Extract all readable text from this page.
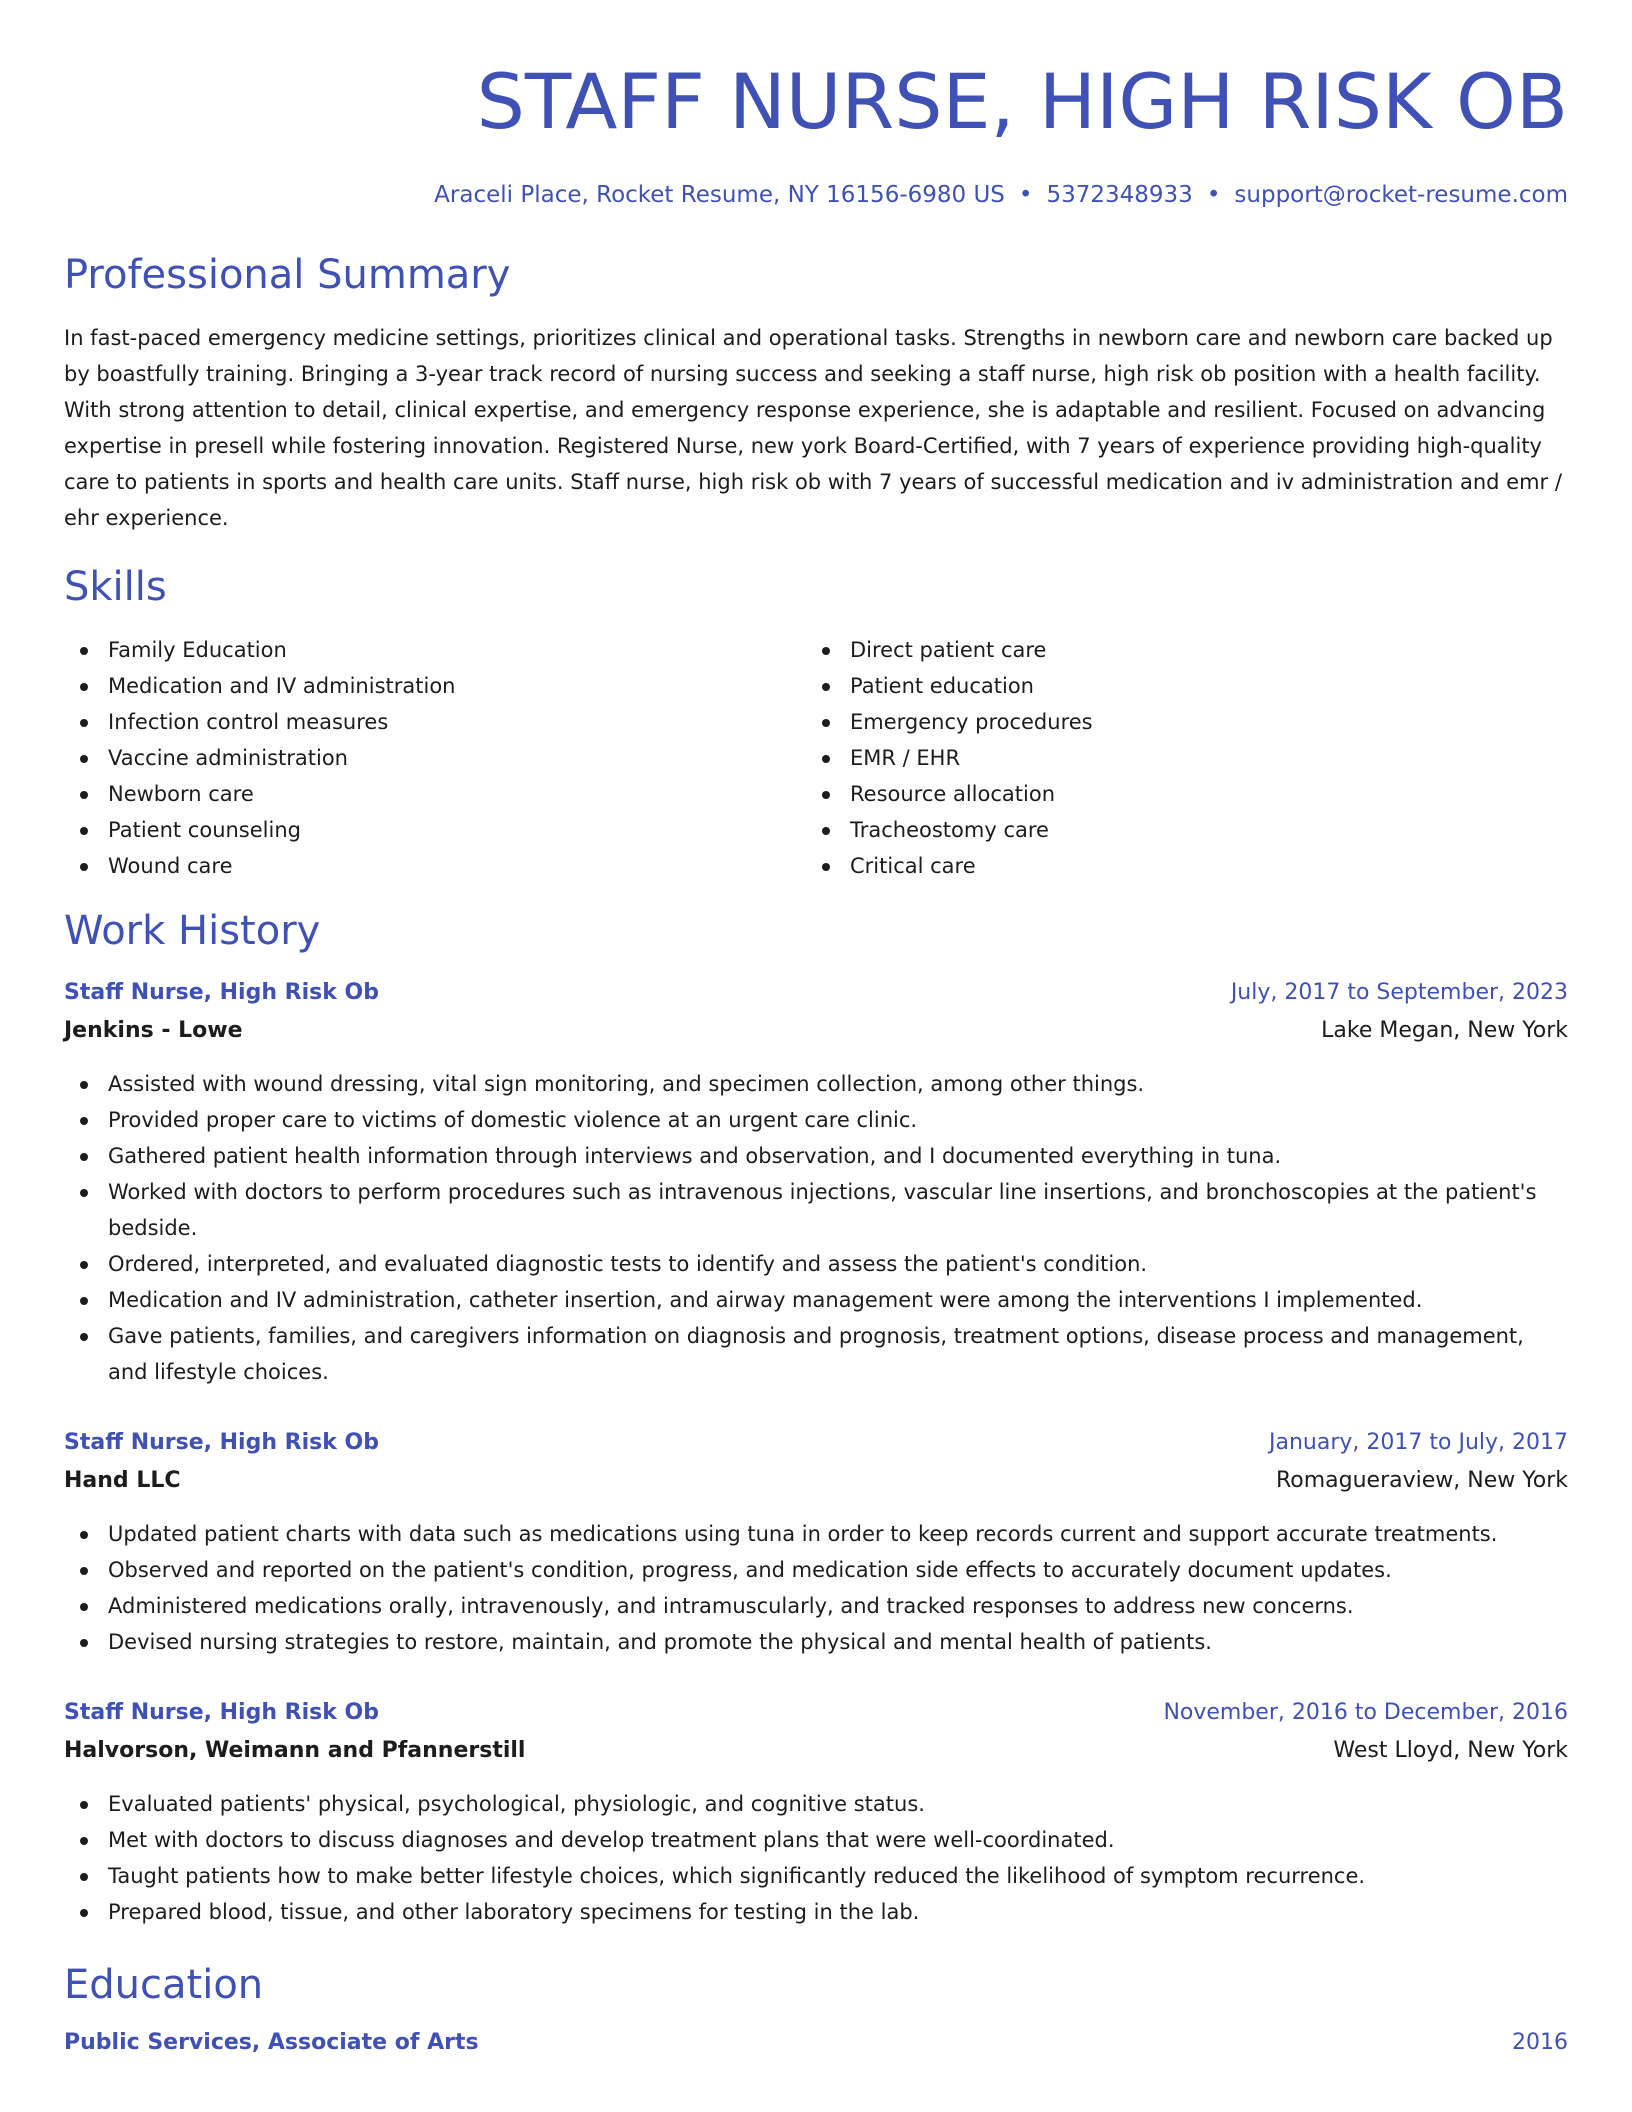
STAFF NURSE, HIGH RISK OB
Araceli Place, Rocket Resume, NY 16156-6980 US • 5372348933 • support@rocket-resume.com
Professional Summary
In fast-paced emergency medicine settings, prioritizes clinical and operational tasks. Strengths in newborn care and newborn care backed up by boastfully training. Bringing a 3-year track record of nursing success and seeking a staff nurse, high risk ob position with a health facility. With strong attention to detail, clinical expertise, and emergency response experience, she is adaptable and resilient. Focused on advancing expertise in presell while fostering innovation. Registered Nurse, new york Board-Certified, with 7 years of experience providing high-quality care to patients in sports and health care units. Staff nurse, high risk ob with 7 years of successful medication and iv administration and emr / ehr experience.
Skills
Family Education
Medication and IV administration
Infection control measures
Vaccine administration
Newborn care
Patient counseling
Wound care
Direct patient care
Patient education
Emergency procedures
EMR / EHR
Resource allocation
Tracheostomy care
Critical care
Work History
Staff Nurse, High Risk Ob	July, 2017 to September, 2023
Jenkins - Lowe	Lake Megan, New York
Assisted with wound dressing, vital sign monitoring, and specimen collection, among other things.
Provided proper care to victims of domestic violence at an urgent care clinic.
Gathered patient health information through interviews and observation, and I documented everything in tuna.
Worked with doctors to perform procedures such as intravenous injections, vascular line insertions, and bronchoscopies at the patient's bedside.
Ordered, interpreted, and evaluated diagnostic tests to identify and assess the patient's condition.
Medication and IV administration, catheter insertion, and airway management were among the interventions I implemented.
Gave patients, families, and caregivers information on diagnosis and prognosis, treatment options, disease process and management, and lifestyle choices.
Staff Nurse, High Risk Ob	January, 2017 to July, 2017
Hand LLC	Romagueraview, New York
Updated patient charts with data such as medications using tuna in order to keep records current and support accurate treatments.
Observed and reported on the patient's condition, progress, and medication side effects to accurately document updates.
Administered medications orally, intravenously, and intramuscularly, and tracked responses to address new concerns.
Devised nursing strategies to restore, maintain, and promote the physical and mental health of patients.
Staff Nurse, High Risk Ob	November, 2016 to December, 2016
Halvorson, Weimann and Pfannerstill	West Lloyd, New York
Evaluated patients' physical, psychological, physiologic, and cognitive status.
Met with doctors to discuss diagnoses and develop treatment plans that were well-coordinated.
Taught patients how to make better lifestyle choices, which significantly reduced the likelihood of symptom recurrence.
Prepared blood, tissue, and other laboratory specimens for testing in the lab.
Education
Public Services, Associate of Arts	2016
